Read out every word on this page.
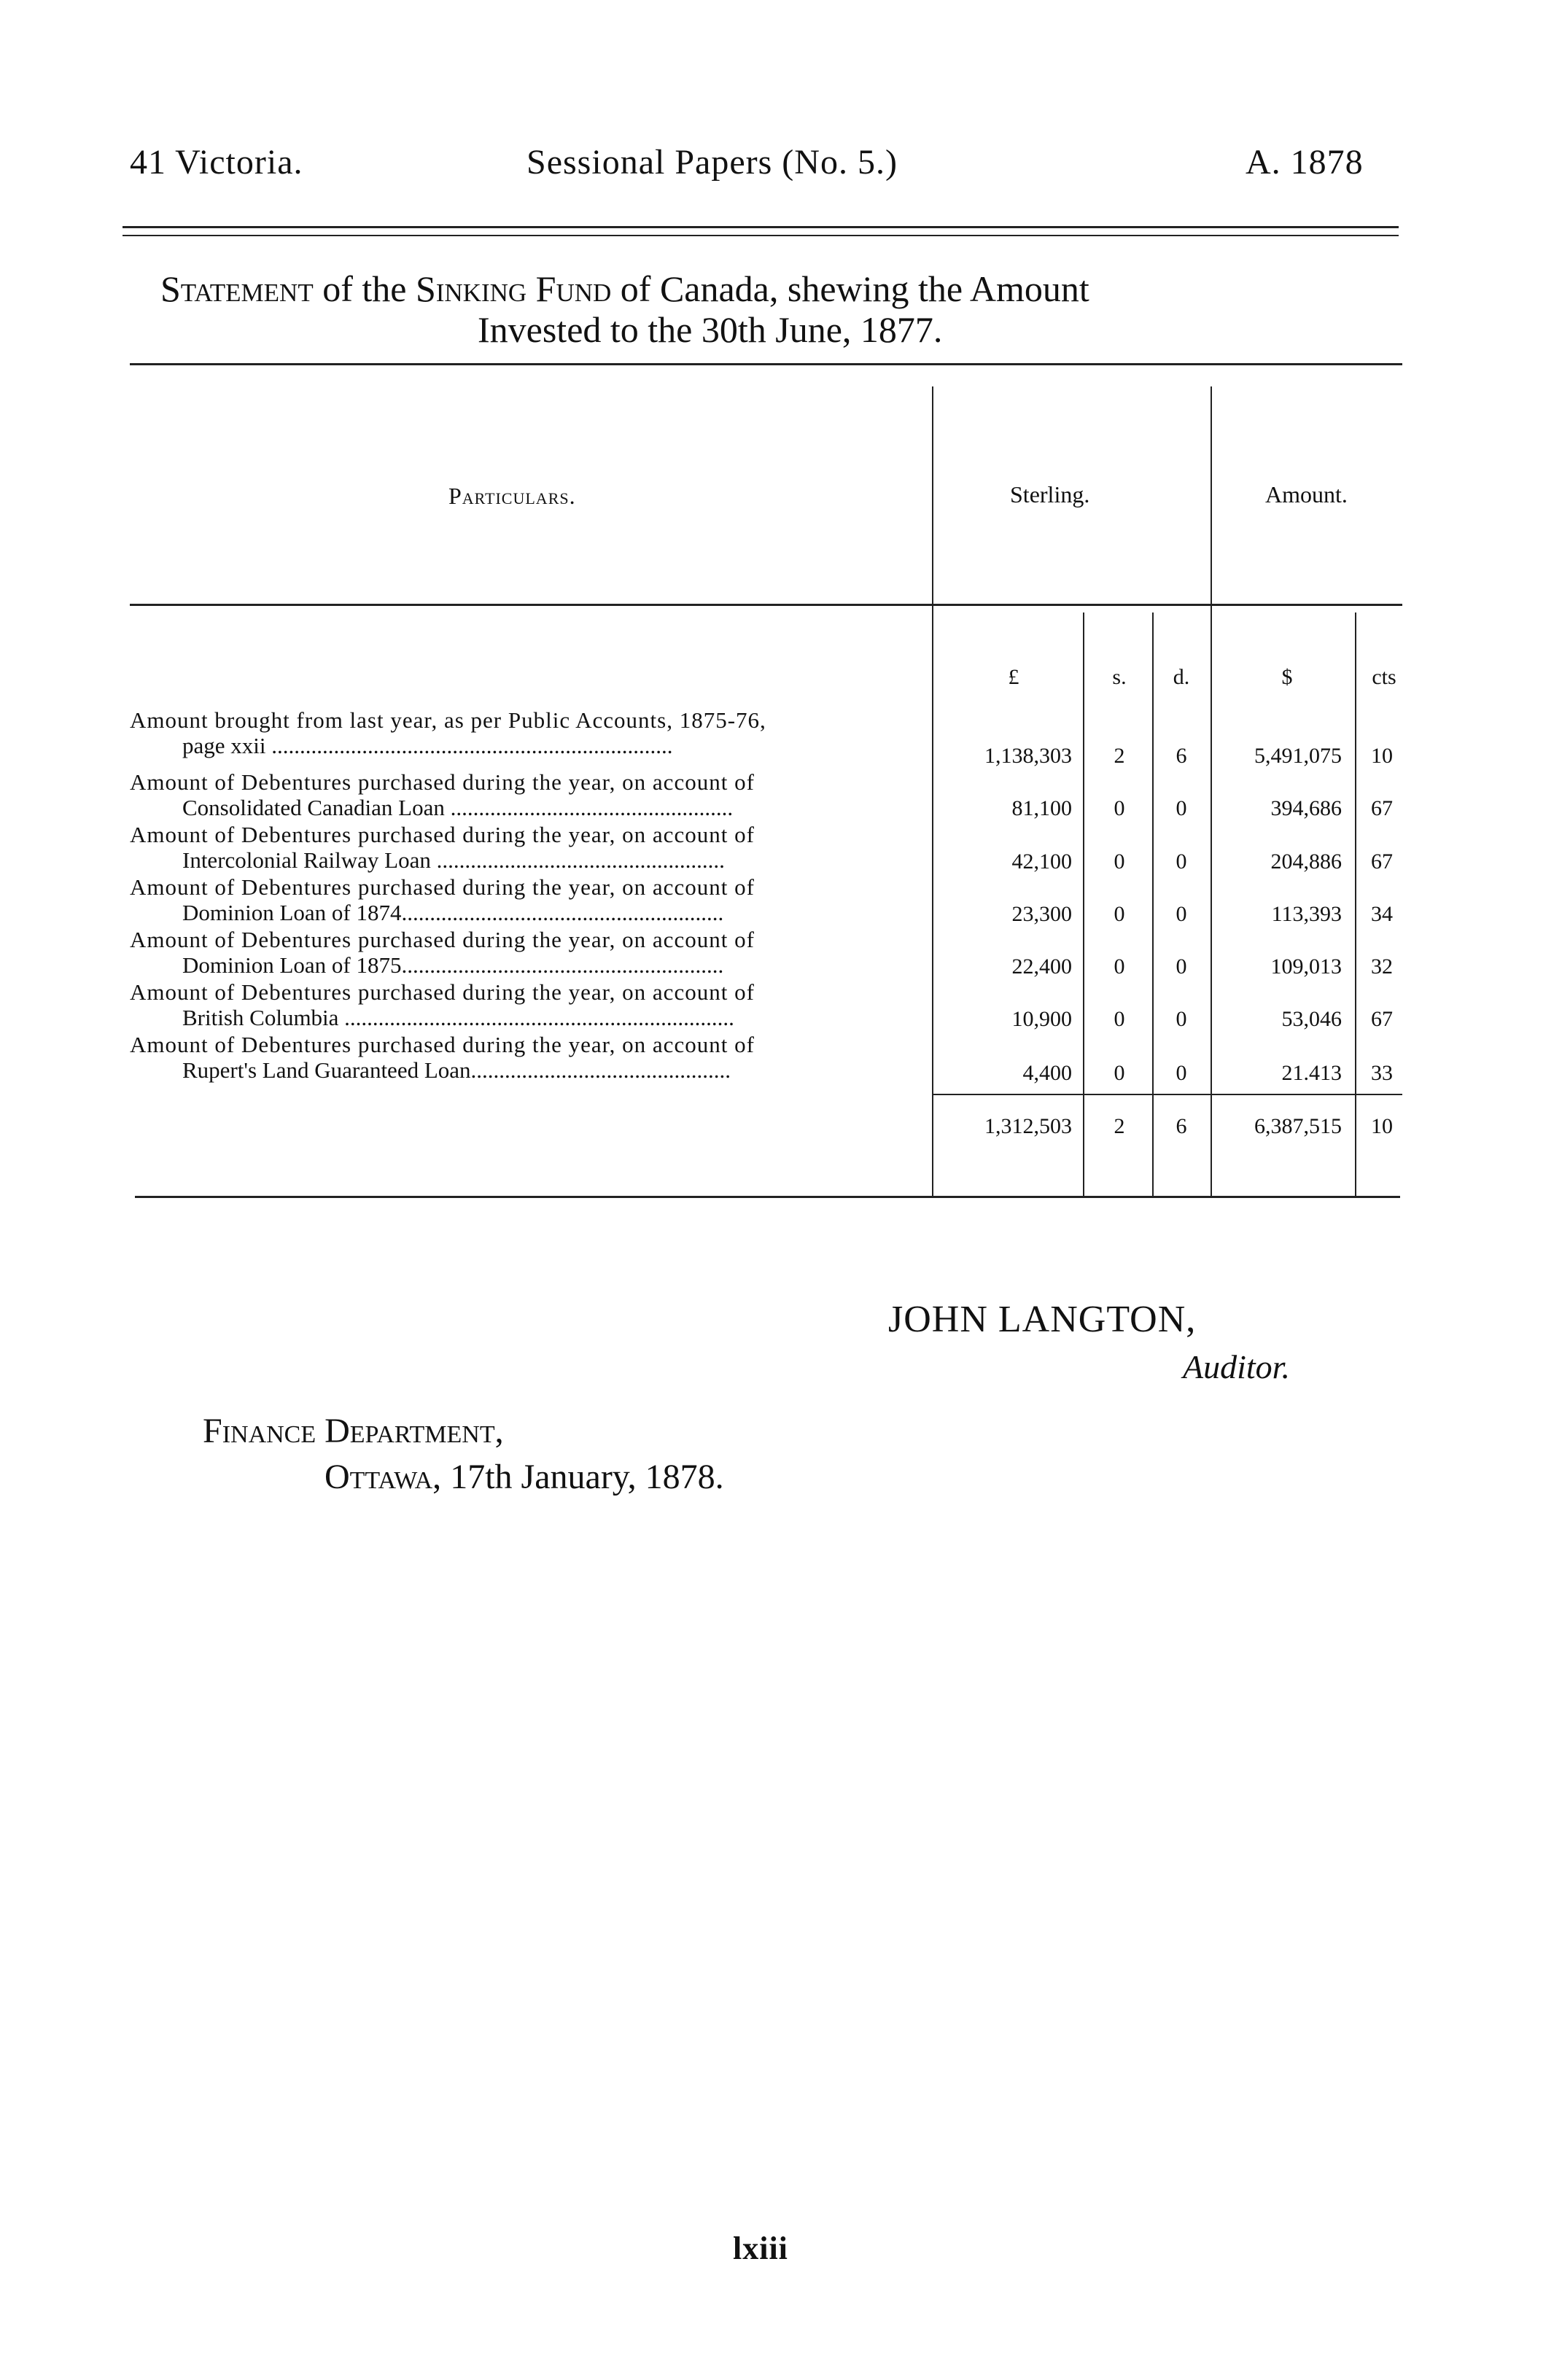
41 Victoria.	Sessional Papers (No. 5.)	A. 1878
Statement of the Sinking Fund of Canada, shewing the Amount
Invested to the 30th June, 1877.
Particulars.	Sterling.	Amount.
£	s.	d.	$	cts
Amount brought from last year, as per Public Accounts, 1875-76,
page xxii .......................................................................	1,138,303	2	6	5,491,075	10
Amount of Debentures purchased during the year, on account of
Consolidated Canadian Loan ..................................................	81,100	0	0	394,686	67
Amount of Debentures purchased during the year, on account of
Intercolonial Railway Loan ...................................................	42,100	0	0	204,886	67
Amount of Debentures purchased during the year, on account of
Dominion Loan of 1874.........................................................	23,300	0	0	113,393	34
Amount of Debentures purchased during the year, on account of
Dominion Loan of 1875.........................................................	22,400	0	0	109,013	32
Amount of Debentures purchased during the year, on account of
British Columbia .....................................................................	10,900	0	0	53,046	67
Amount of Debentures purchased during the year, on account of
Rupert's Land Guaranteed Loan..............................................	4,400	0	0	21.413	33
1,312,503	2	6	6,387,515	10
JOHN LANGTON,
Auditor.
Finance Department,
Ottawa, 17th January, 1878.
lxiii
